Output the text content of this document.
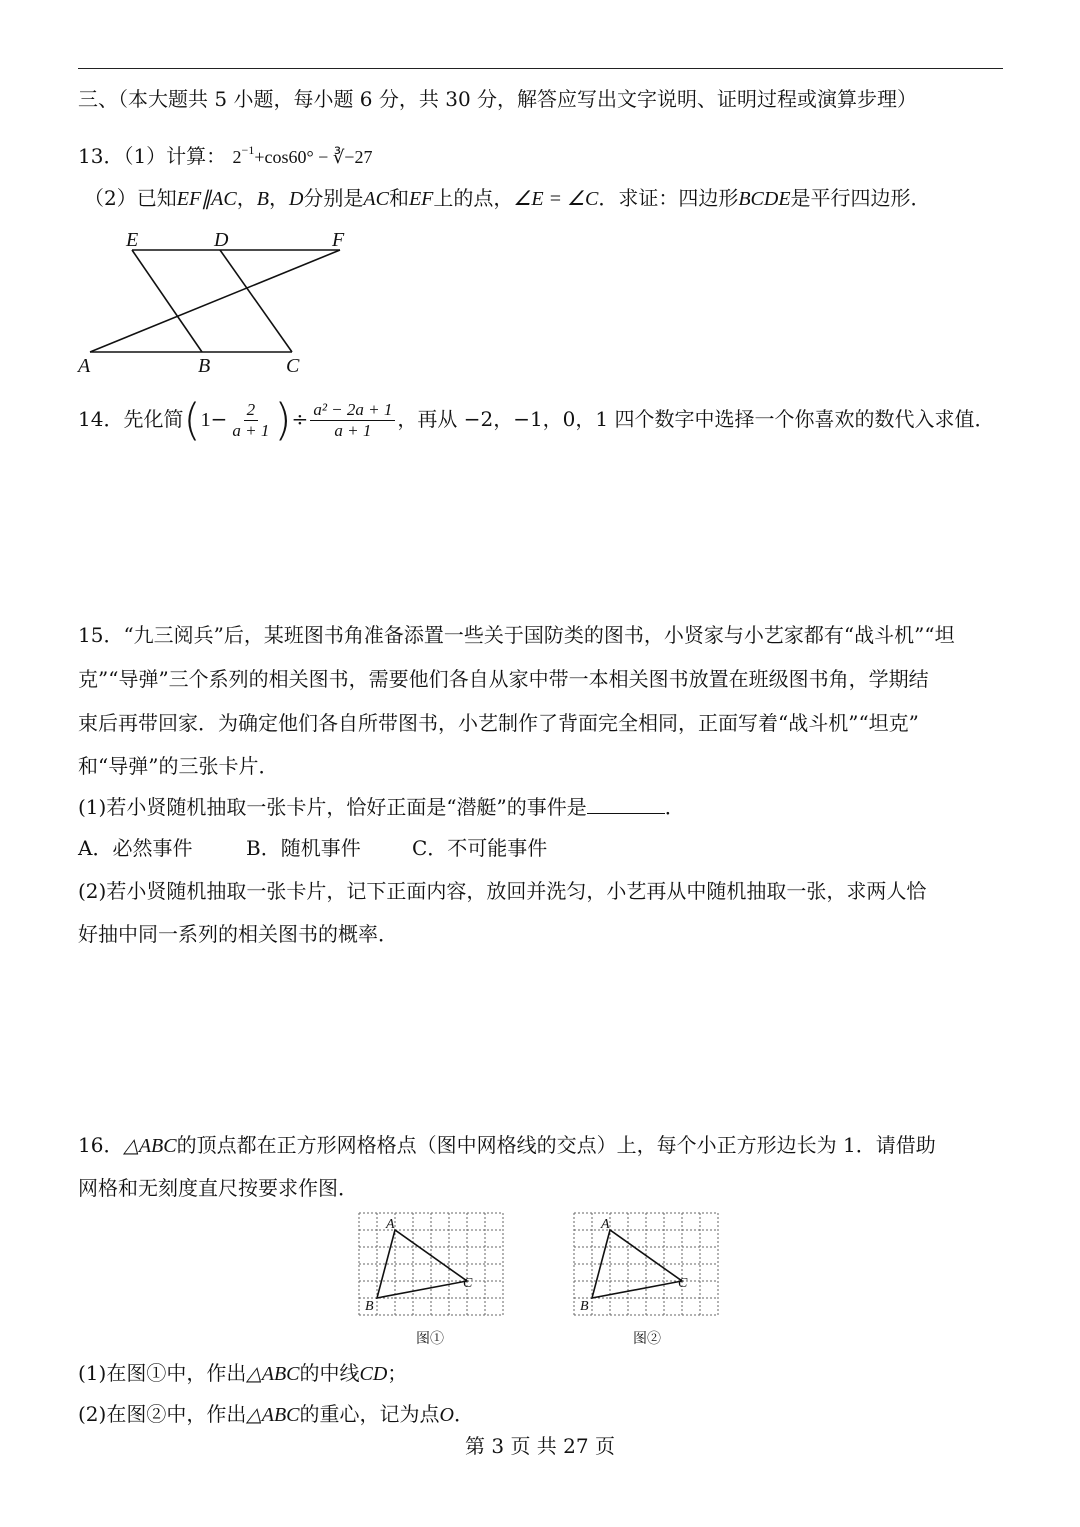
三、（本大题共 5 小题，每小题 6 分，共 30 分，解答应写出文字说明、证明过程或演算步理）
13．（1）计算： $2^{-1}+\cos 60^\circ$ − ∛−27
（2）已知EF∥AC，B，D分别是AC和EF上的点，∠E = ∠C．求证：四边形BCDE是平行四边形．
E	D	F
A	B	C
14．先化简($1- \frac{2}{a + 1}$ )÷ $\frac{\text{a² − 2a + 1}}{a + 1}$ ，再从 −2，−1，0，1 四个数字中选择一个你喜欢的数代入求值．
15．“九三阅兵”后，某班图书角准备添置一些关于国防类的图书，小贤家与小艺家都有“战斗机”“坦
克”“导弹”三个系列的相关图书，需要他们各自从家中带一本相关图书放置在班级图书角，学期结
束后再带回家．为确定他们各自所带图书，小艺制作了背面完全相同，正面写着“战斗机”“坦克”
和“导弹”的三张卡片．
(1)若小贤随机抽取一张卡片，恰好正面是“潜艇”的事件是	．
A．必然事件	B．随机事件	C．不可能事件
(2)若小贤随机抽取一张卡片，记下正面内容，放回并洗匀，小艺再从中随机抽取一张，求两人恰
好抽中同一系列的相关图书的概率．
16．△ABC的顶点都在正方形网格格点（图中网格线的交点）上，每个小正方形边长为 1．请借助
网格和无刻度直尺按要求作图．
A
B
C
图①
A
B
C
图②
(1)在图①中，作出△ABC的中线CD；
(2)在图②中，作出△ABC的重心，记为点O．
第 3 页 共 27 页
